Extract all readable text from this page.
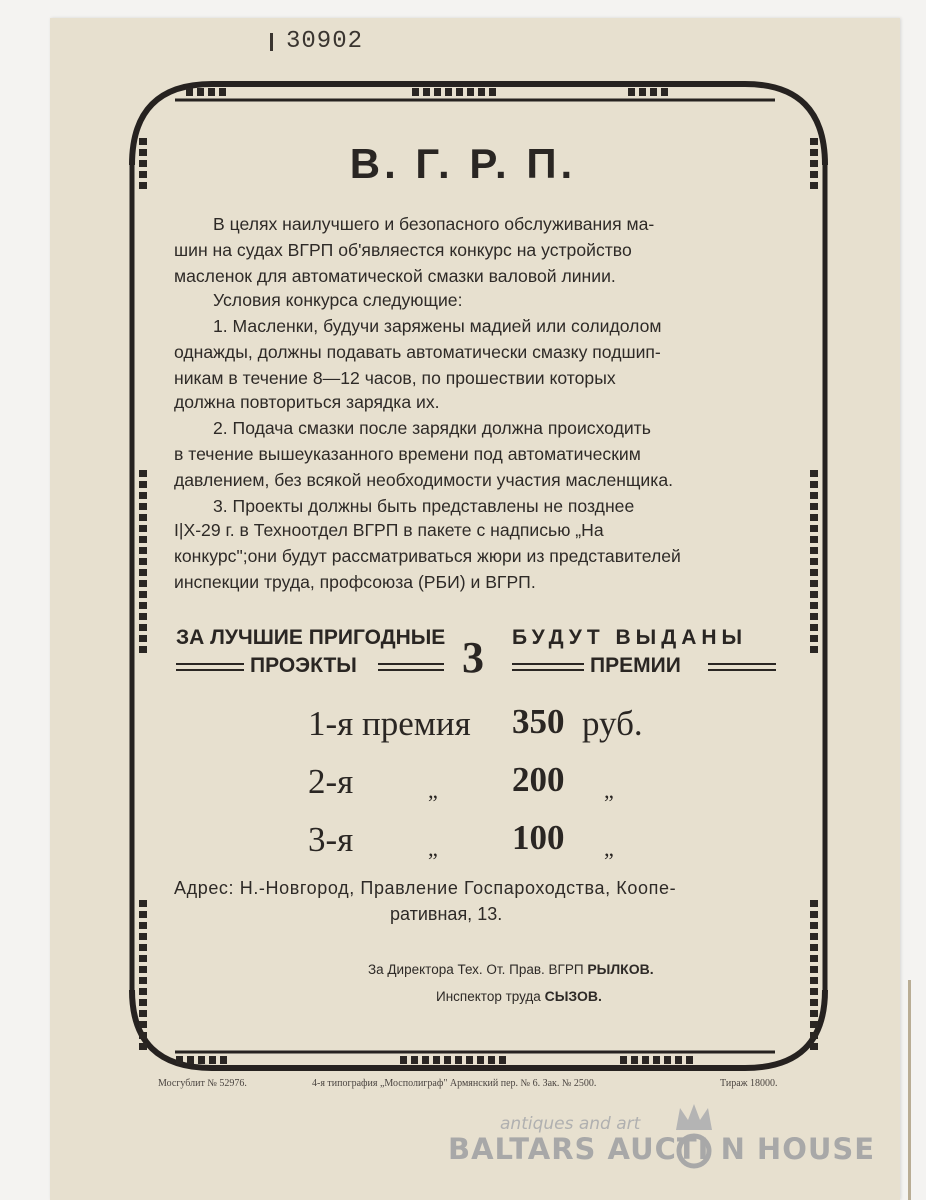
30902
В. Г. Р. П.
В целях наилучшего и безопасного обслуживания ма-
шин на судах ВГРП об'являестся конкурс на устройство
масленок для автоматической смазки валовой линии.
Условия конкурса следующие:
1. Масленки, будучи заряжены мадией или солидолом
однажды, должны подавать автоматически смазку подшип-
никам в течение 8—12 часов, по прошествии которых
должна повториться зарядка их.
2. Подача смазки после зарядки должна происходить
в течение вышеуказанного времени под автоматическим
давлением, без всякой необходимости участия масленщика.
3. Проекты должны быть представлены не позднее
I|X-29 г. в Техноотдел ВГРП в пакете с надписью „На
конкурс";они будут рассматриваться жюри из представителей
инспекции труда, профсоюза (РБИ) и ВГРП.
ЗА ЛУЧШИЕ ПРИГОДНЫЕ
ПРОЭКТЫ 3 БУДУТ ВЫДАНЫ
ПРЕМИИ
1-я премия 350 руб.
2-я	„ 200 „
3-я	„ 100 „
Адрес: Н.-Новгород, Правление Госпароходства, Коопе-
ративная, 13.
За Директора Тех. От. Прав. ВГРП РЫЛКОВ.
Инспектор труда СЫЗОВ.
Мосгублит № 52976.	4-я типография „Мосполиграф" Армянский пер. № 6. Зак. № 2500.	Тираж 18000.
antiques and art
BALTARS AUCTI N HOUSE
